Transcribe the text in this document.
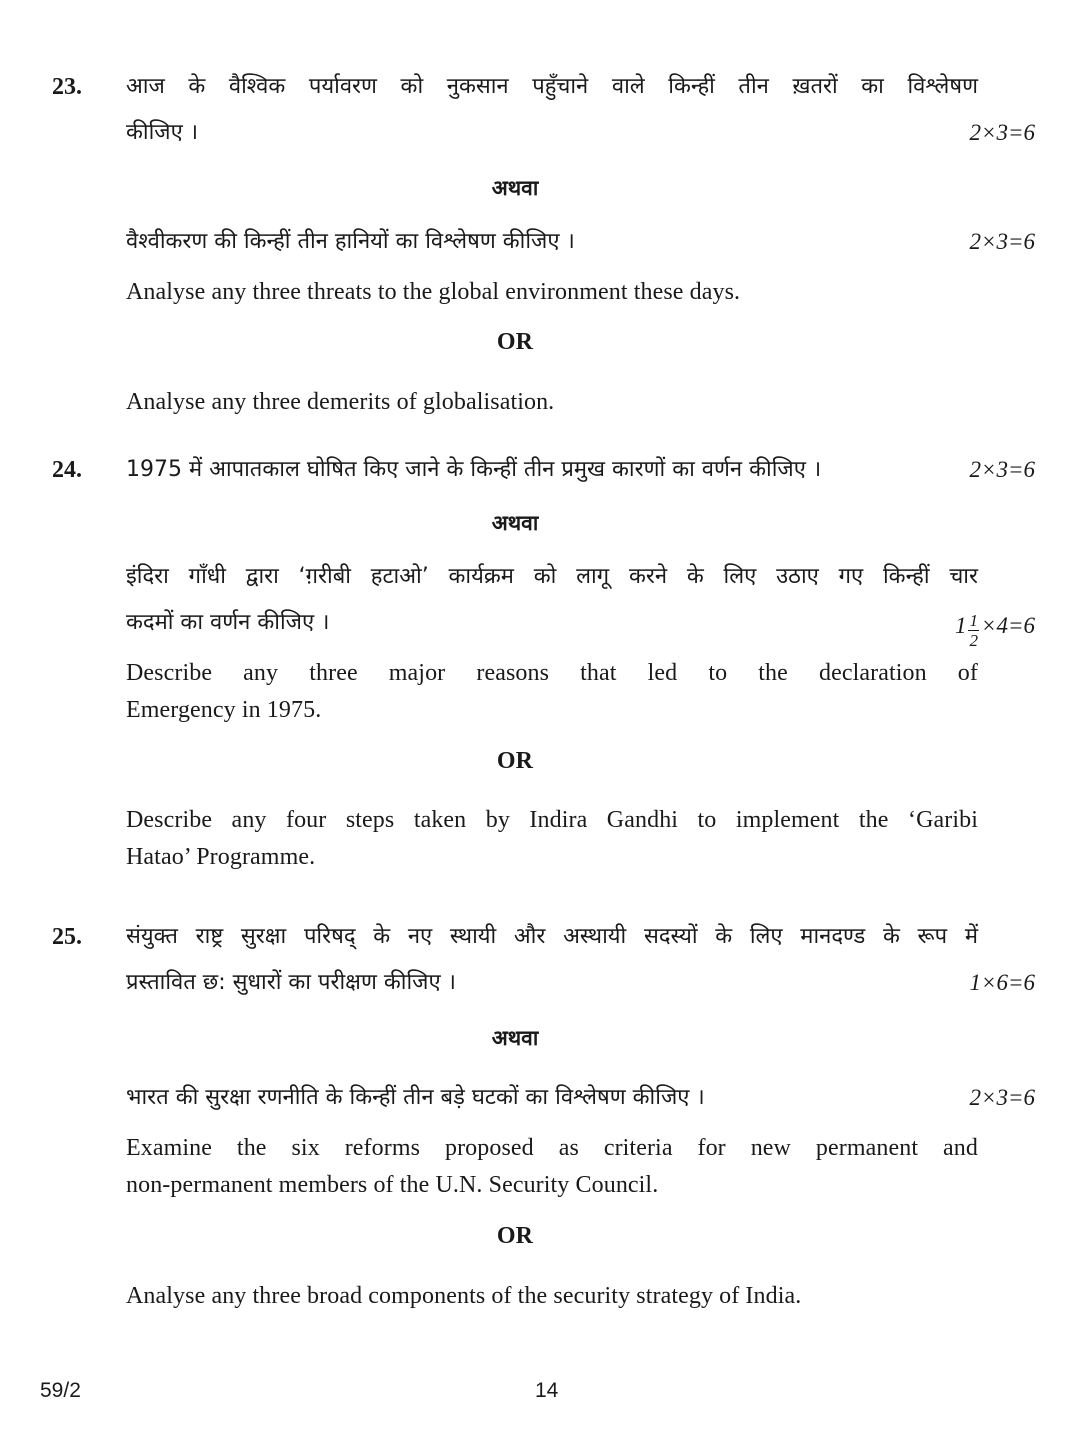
23. आज के वैश्विक पर्यावरण को नुकसान पहुँचाने वाले किन्हीं तीन ख़तरों का विश्लेषण
कीजिए ।	2×3=6
अथवा
वैश्वीकरण की किन्हीं तीन हानियों का विश्लेषण कीजिए ।	2×3=6
Analyse any three threats to the global environment these days.
OR
Analyse any three demerits of globalisation.
24. 1975 में आपातकाल घोषित किए जाने के किन्हीं तीन प्रमुख कारणों का वर्णन कीजिए ।	2×3=6
अथवा
इंदिरा गाँधी द्वारा ‘ग़रीबी हटाओ’ कार्यक्रम को लागू करने के लिए उठाए गए किन्हीं चार
कदमों का वर्णन कीजिए ।	$1 \frac{1}{2} \times 4=6$
Describe any three major reasons that led to the declaration of
Emergency in 1975.
OR
Describe any four steps taken by Indira Gandhi to implement the ‘Garibi
Hatao’ Programme.
25. संयुक्त राष्ट्र सुरक्षा परिषद् के नए स्थायी और अस्थायी सदस्यों के लिए मानदण्ड के रूप में
प्रस्तावित छ: सुधारों का परीक्षण कीजिए ।	1×6=6
अथवा
भारत की सुरक्षा रणनीति के किन्हीं तीन बड़े घटकों का विश्लेषण कीजिए ।	2×3=6
Examine the six reforms proposed as criteria for new permanent and
non-permanent members of the U.N. Security Council.
OR
Analyse any three broad components of the security strategy of India.
59/2	14
